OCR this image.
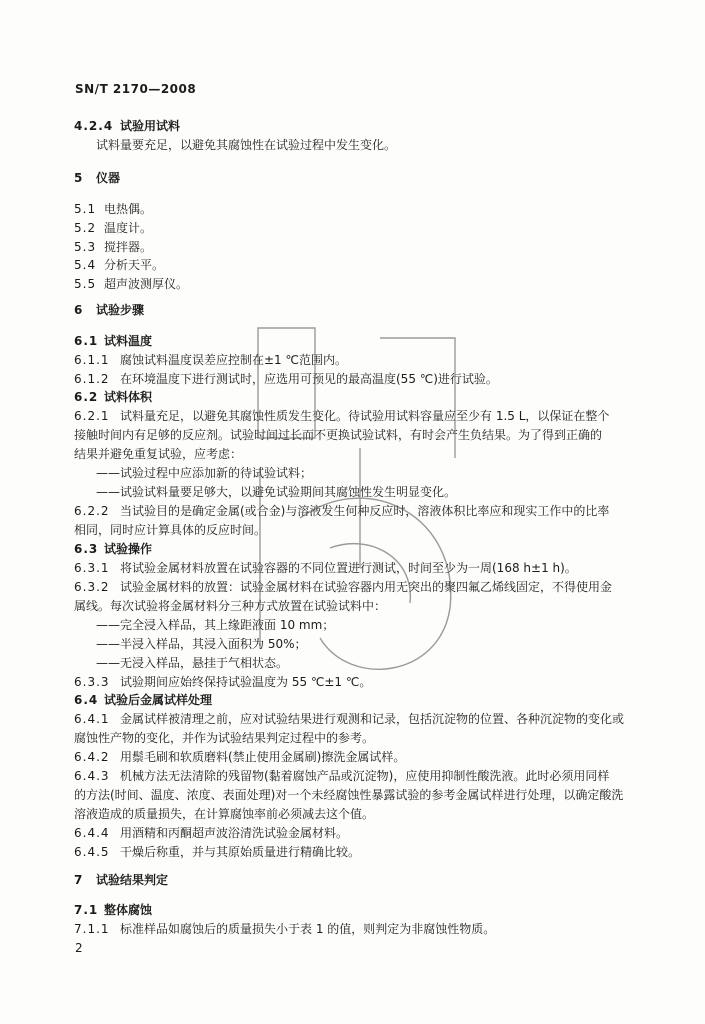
SN/T 2170—2008
4.2.4 试验用试料
试料量要充足，以避免其腐蚀性在试验过程中发生变化。
5 仪器
5.1 电热偶。
5.2 温度计。
5.3 搅拌器。
5.4 分析天平。
5.5 超声波测厚仪。
6 试验步骤
6.1 试料温度
6.1.1 腐蚀试料温度误差应控制在±1 ℃范围内。
6.1.2 在环境温度下进行测试时，应选用可预见的最高温度(55 ℃)进行试验。
6.2 试料体积
6.2.1 试料量充足，以避免其腐蚀性质发生变化。待试验用试料容量应至少有 1.5 L，以保证在整个
接触时间内有足够的反应剂。试验时间过长而不更换试验试料，有时会产生负结果。为了得到正确的
结果并避免重复试验，应考虑：
——试验过程中应添加新的待试验试料；
——试验试料量要足够大，以避免试验期间其腐蚀性发生明显变化。
6.2.2 当试验目的是确定金属(或合金)与溶液发生何种反应时，溶液体积比率应和现实工作中的比率
相同，同时应计算具体的反应时间。
6.3 试验操作
6.3.1 将试验金属材料放置在试验容器的不同位置进行测试，时间至少为一周(168 h±1 h)。
6.3.2 试验金属材料的放置：试验金属材料在试验容器内用无突出的聚四氟乙烯线固定，不得使用金
属线。每次试验将金属材料分三种方式放置在试验试料中：
——完全浸入样品，其上缘距液面 10 mm；
——半浸入样品，其浸入面积为 50%；
——无浸入样品，悬挂于气相状态。
6.3.3 试验期间应始终保持试验温度为 55 ℃±1 ℃。
6.4 试验后金属试样处理
6.4.1 金属试样被清理之前，应对试验结果进行观测和记录，包括沉淀物的位置、各种沉淀物的变化或
腐蚀性产物的变化，并作为试验结果判定过程中的参考。
6.4.2 用鬃毛刷和软质磨料(禁止使用金属刷)擦洗金属试样。
6.4.3 机械方法无法清除的残留物(黏着腐蚀产品或沉淀物)，应使用抑制性酸洗液。此时必须用同样
的方法(时间、温度、浓度、表面处理)对一个未经腐蚀性暴露试验的参考金属试样进行处理，以确定酸洗
溶液造成的质量损失，在计算腐蚀率前必须减去这个值。
6.4.4 用酒精和丙酮超声波浴清洗试验金属材料。
6.4.5 干燥后称重，并与其原始质量进行精确比较。
7 试验结果判定
7.1 整体腐蚀
7.1.1 标准样品如腐蚀后的质量损失小于表 1 的值，则判定为非腐蚀性物质。
2
